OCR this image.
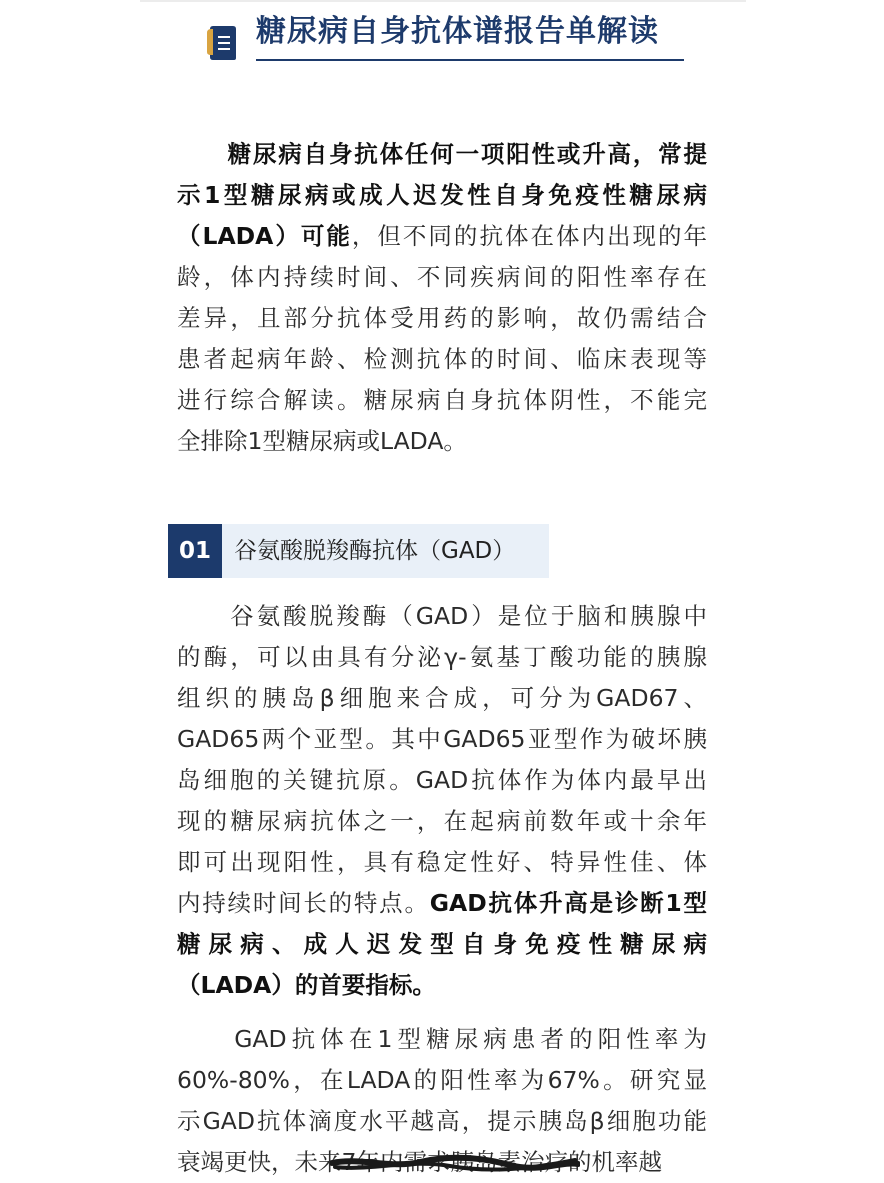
糖尿病自身抗体谱报告单解读
　　糖尿病自身抗体任何一项阳性或升高，常提
示1型糖尿病或成人迟发性自身免疫性糖尿病
（LADA）可能，但不同的抗体在体内出现的年
龄，体内持续时间、不同疾病间的阳性率存在
差异，且部分抗体受用药的影响，故仍需结合
患者起病年龄、检测抗体的时间、临床表现等
进行综合解读。糖尿病自身抗体阴性，不能完
全排除1型糖尿病或LADA。
01	谷氨酸脱羧酶抗体（GAD）
　　谷氨酸脱羧酶（GAD）是位于脑和胰腺中
的酶，可以由具有分泌γ-氨基丁酸功能的胰腺
组织的胰岛β细胞来合成，可分为GAD67、
GAD65两个亚型。其中GAD65亚型作为破坏胰
岛细胞的关键抗原。GAD抗体作为体内最早出
现的糖尿病抗体之一，在起病前数年或十余年
即可出现阳性，具有稳定性好、特异性佳、体
内持续时间长的特点。GAD抗体升高是诊断1型
糖尿病、成人迟发型自身免疫性糖尿病
（LADA）的首要指标。
　　GAD抗体在1型糖尿病患者的阳性率为
60%-80%，在LADA的阳性率为67%。研究显
示GAD抗体滴度水平越高，提示胰岛β细胞功能
衰竭更快，未来7年内需求胰岛素治疗的机率越
